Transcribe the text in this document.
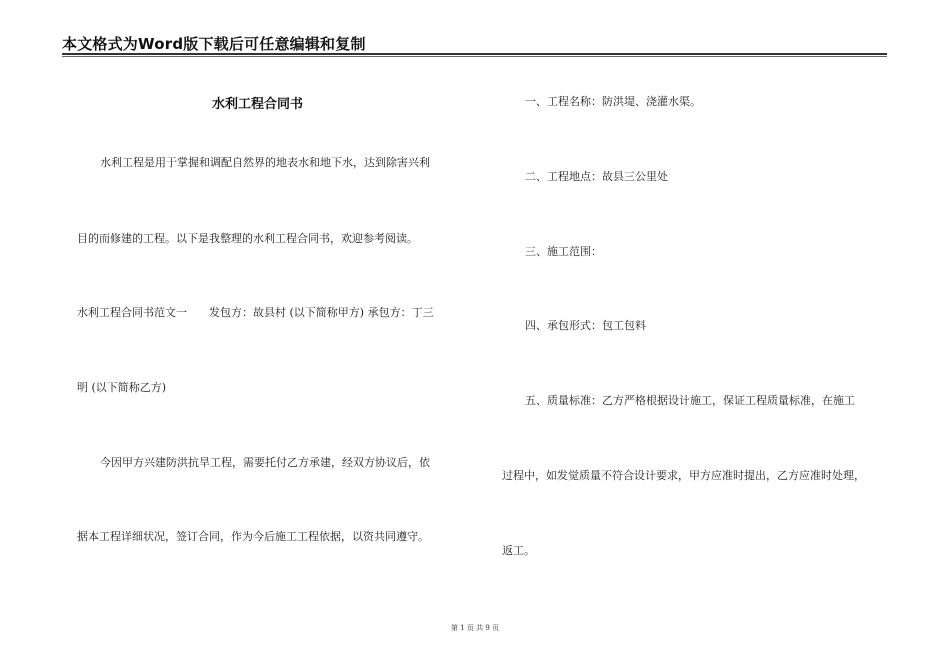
本文格式为Word版下载后可任意编辑和复制
水利工程合同书
水利工程是用于掌握和调配自然界的地表水和地下水，达到除害兴利
目的而修建的工程。以下是我整理的水利工程合同书，欢迎参考阅读。
水利工程合同书范文一　　发包方：故县村 (以下简称甲方) 承包方：丁三
明 (以下简称乙方)
今因甲方兴建防洪抗旱工程，需要托付乙方承建，经双方协议后，依
据本工程详细状况，签订合同，作为今后施工工程依据，以资共同遵守。
一、工程名称：防洪堤、浇灌水渠。
二、工程地点：故县三公里处
三、施工范围：
四、承包形式：包工包料
五、质量标准：乙方严格根据设计施工，保证工程质量标准，在施工
过程中，如发觉质量不符合设计要求，甲方应准时提出，乙方应准时处理，
返工。
第 1 页 共 9 页
